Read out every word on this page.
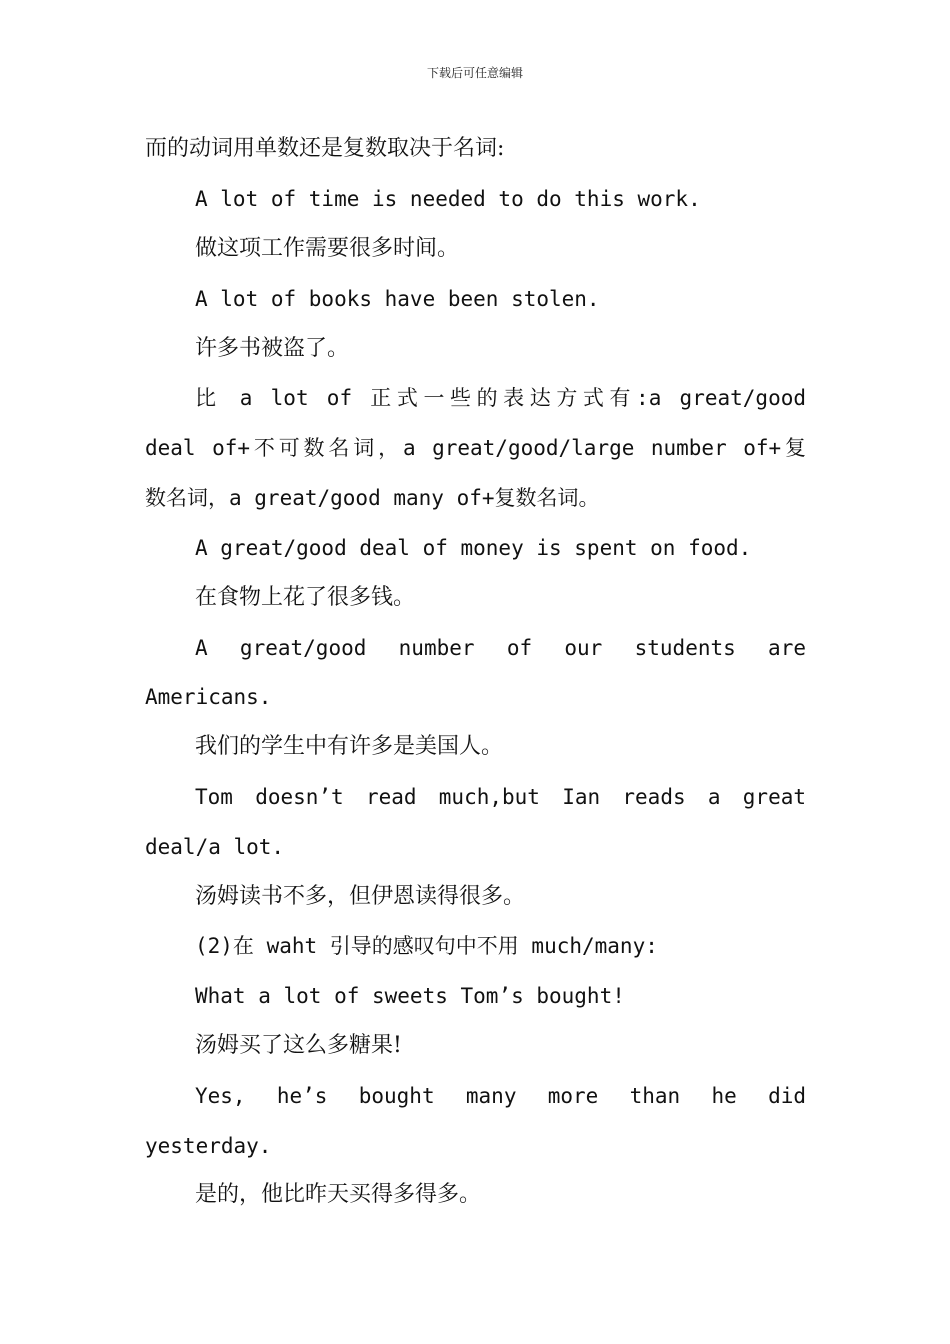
下载后可任意编辑
而的动词用单数还是复数取决于名词:
A lot of time is needed to do this work.
做这项工作需要很多时间。
A lot of books have been stolen.
许多书被盗了。
比 a lot of 正式一些的表达方式有:a great/good
deal of+不可数名词，a great/good/large number of+复
数名词，a great/good many of+复数名词。
A great/good deal of money is spent on food.
在食物上花了很多钱。
A great/good number of our students are
Americans.
我们的学生中有许多是美国人。
Tom doesn’t read much,but Ian reads a great
deal/a lot.
汤姆读书不多，但伊恩读得很多。
(2)在 waht 引导的感叹句中不用 much/many:
What a lot of sweets Tom’s bought!
汤姆买了这么多糖果!
Yes, he’s bought many more than he did
yesterday.
是的，他比昨天买得多得多。
